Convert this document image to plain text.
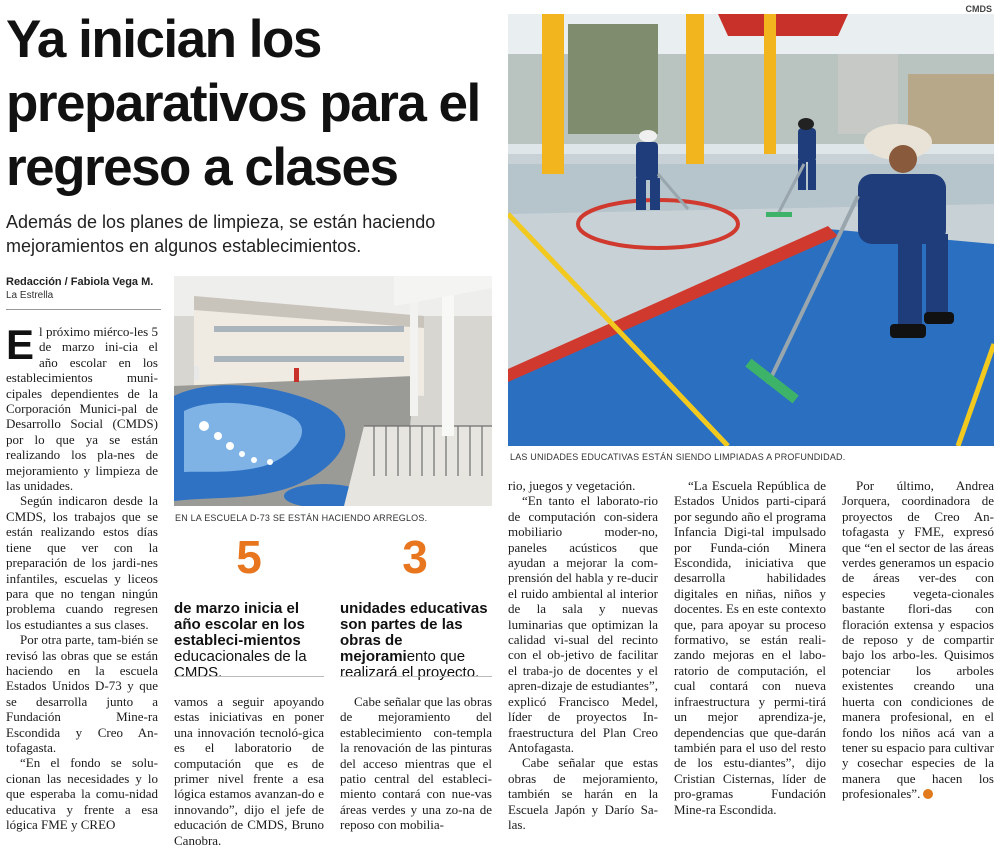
CMDS
Ya inician los preparativos para el regreso a clases

Además de los planes de limpieza, se están haciendo mejoramientos en algunos establecimientos.

Redacción / Fabiola Vega M.
La Estrella
LAS UNIDADES EDUCATIVAS ESTÁN SIENDO LIMPIADAS A PROFUNDIDAD.
EN LA ESCUELA D-73 SE ESTÁN HACIENDO ARREGLOS.
5
de marzo inicia el año escolar en los estableci-mientos educacionales de la CMDS.
3
unidades educativas son partes de las obras de mejoramiento que realizará el proyecto.

El próximo miérco-les 5 de marzo ini-cia el año escolar en los establecimientos muni-cipales dependientes de la Corporación Munici-pal de Desarrollo Social (CMDS) por lo que ya se están realizando los pla-nes de mejoramiento y limpieza de las unidades.

Según indicaron desde la CMDS, los trabajos que se están realizando estos días tiene que ver con la preparación de los jardi-nes infantiles, escuelas y liceos para que no tengan ningún problema cuando regresen los estudiantes a sus clases.

Por otra parte, tam-bién se revisó las obras que se están haciendo en la escuela Estados Unidos D-73 y que se desarrolla junto a Fundación Mine-ra Escondida y Creo An-tofagasta.

“En el fondo se solu-cionan las necesidades y lo que esperaba la comu-nidad educativa y frente a esa lógica FME y CREO

vamos a seguir apoyando estas iniciativas en poner una innovación tecnoló-gica es el laboratorio de computación que es de primer nivel frente a esa lógica estamos avanzan-do e innovando”, dijo el jefe de educación de CMDS, Bruno Canobra.

Cabe señalar que las obras de mejoramiento del establecimiento con-templa la renovación de las pinturas del acceso mientras que el patio central del estableci-miento contará con nue-vas áreas verdes y una zo-na de reposo con mobilia-

rio, juegos y vegetación.

“En tanto el laborato-rio de computación con-sidera mobiliario moder-no, paneles acústicos que ayudan a mejorar la com-prensión del habla y re-ducir el ruido ambiental al interior de la sala y nuevas luminarias que optimizan la calidad vi-sual del recinto con el ob-jetivo de facilitar el traba-jo de docentes y el apren-dizaje de estudiantes”, explicó Francisco Medel, líder de proyectos In-fraestructura del Plan Creo Antofagasta.

Cabe señalar que estas obras de mejoramiento, también se harán en la Escuela Japón y Darío Sa-las.

“La Escuela República de Estados Unidos parti-cipará por segundo año el programa Infancia Digi-tal impulsado por Funda-ción Minera Escondida, iniciativa que desarrolla habilidades digitales en niñas, niños y docentes. Es en este contexto que, para apoyar su proceso formativo, se están reali-zando mejoras en el labo-ratorio de computación, el cual contará con nueva infraestructura y permi-tirá un mejor aprendiza-je, dependencias que que-darán también para el uso del resto de los estu-diantes”, dijo Cristian Cisternas, líder de pro-gramas Fundación Mine-ra Escondida.

Por último, Andrea Jorquera, coordinadora de proyectos de Creo An-tofagasta y FME, expresó que “en el sector de las áreas verdes generamos un espacio de áreas ver-des con especies vegeta-cionales bastante flori-das con floración extensa y espacios de reposo y de compartir bajo los arbo-les. Quisimos potenciar los arboles existentes creando una huerta con condiciones de manera profesional, en el fondo los niños acá van a tener su espacio para cultivar y cosechar especies de la manera que hacen los profesionales”.
